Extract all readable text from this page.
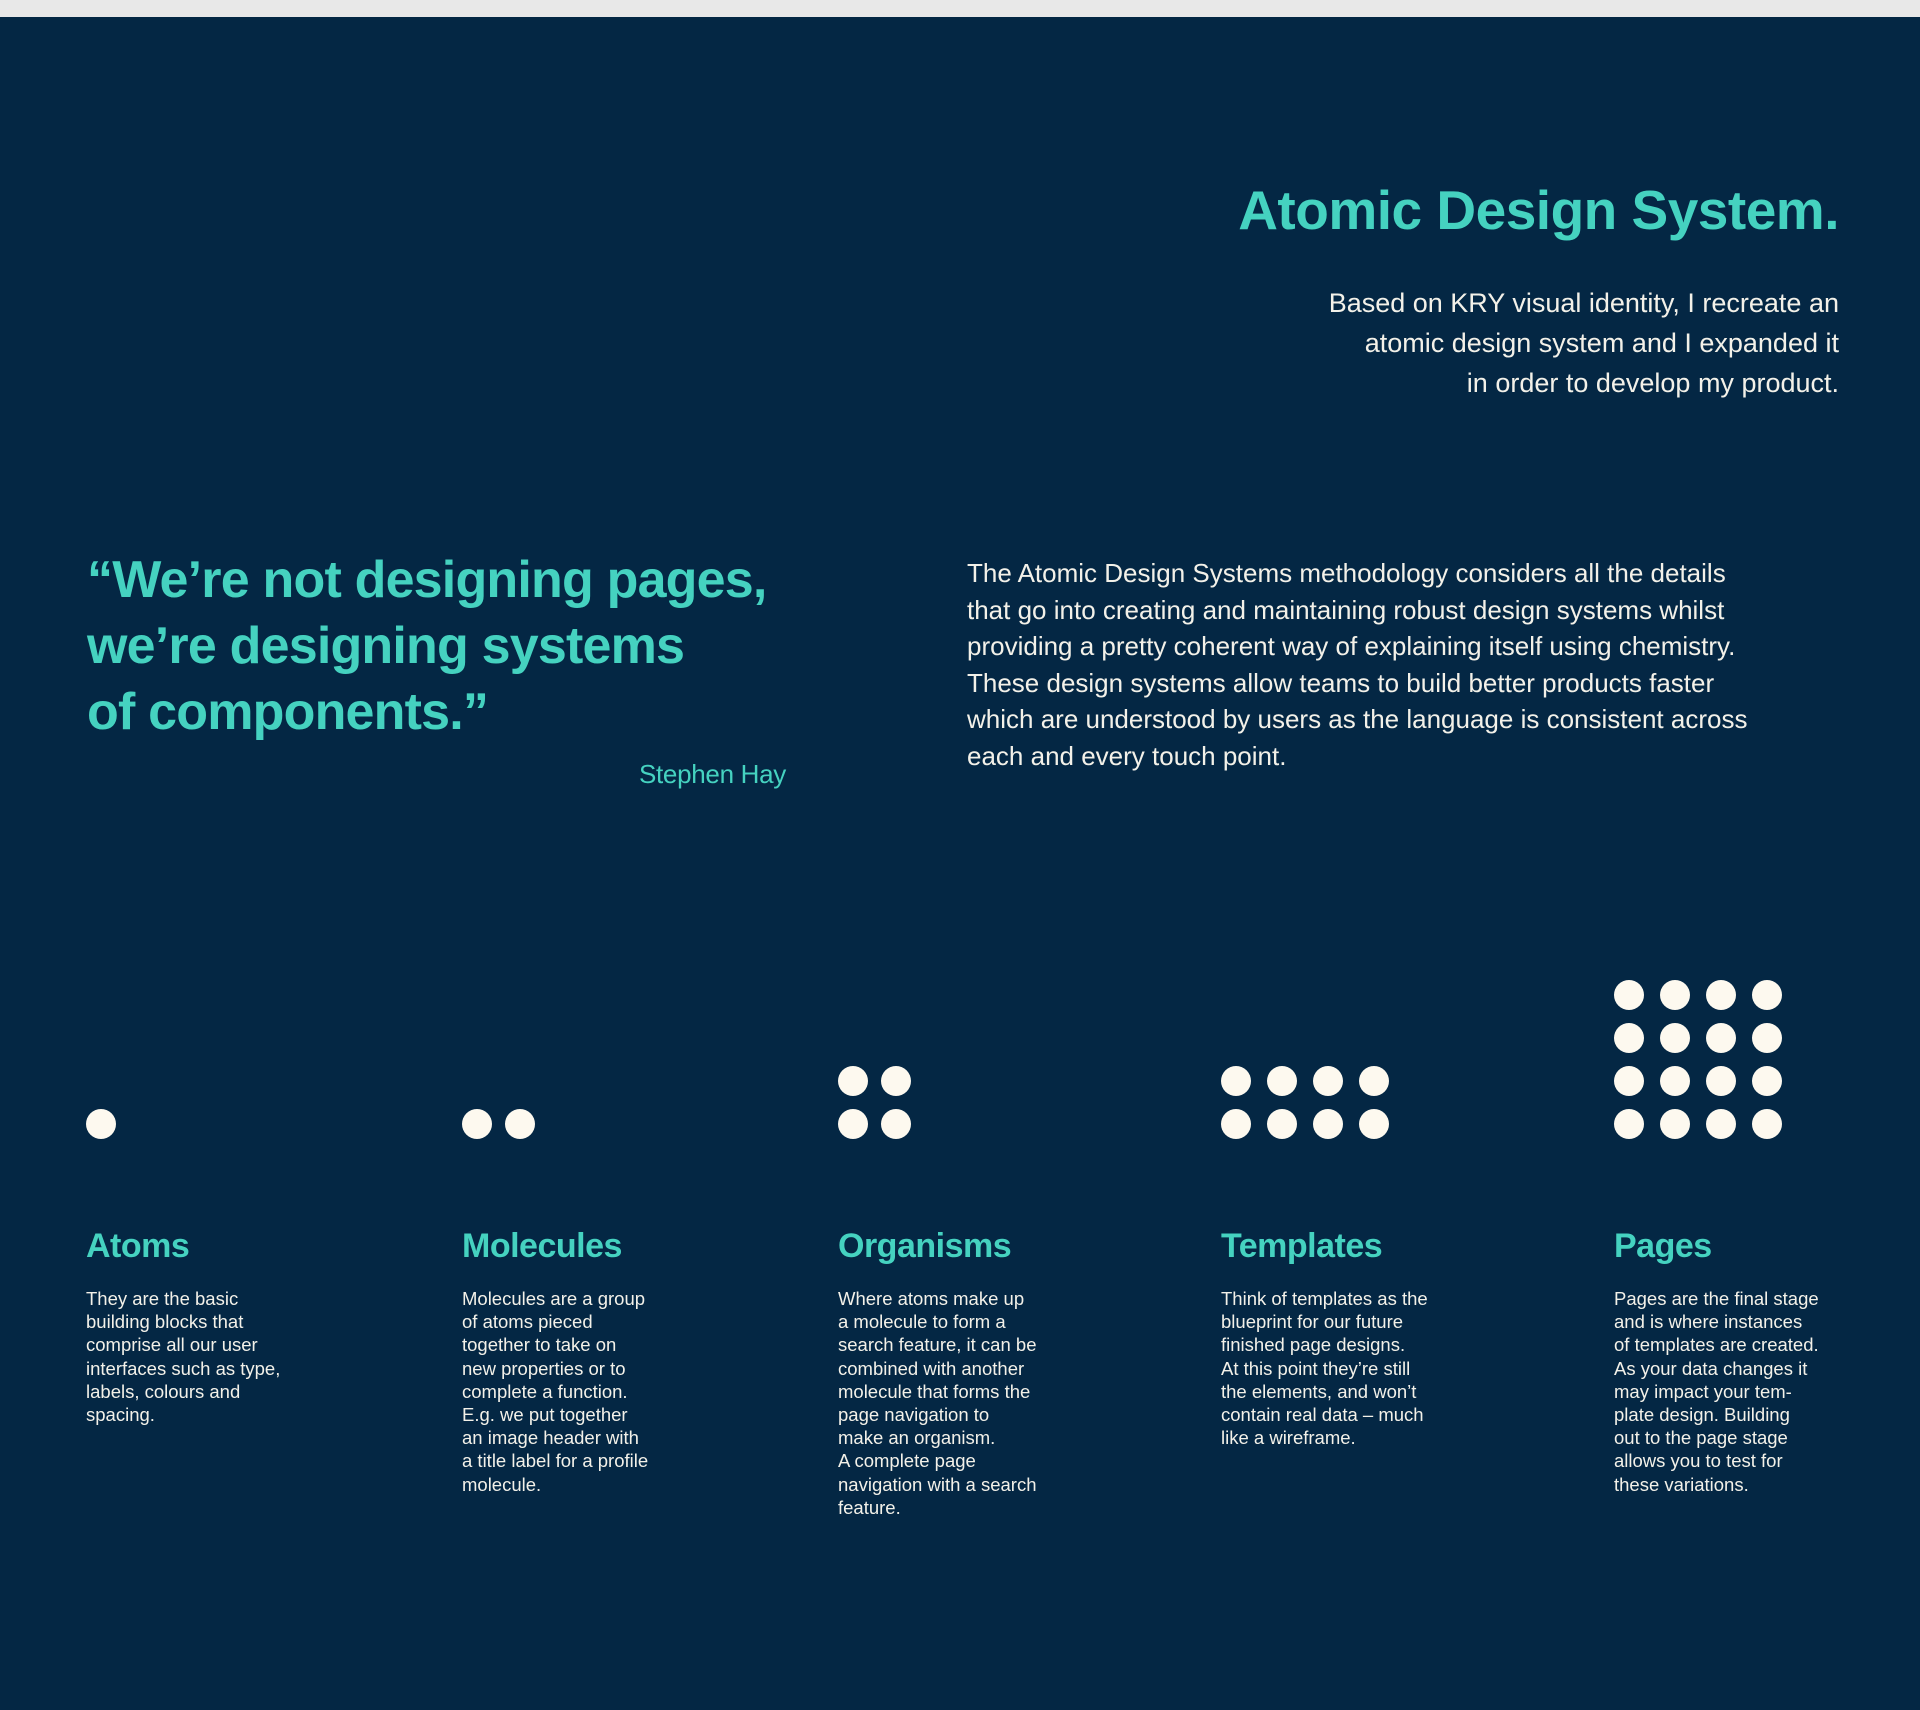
Atomic Design System.

Based on KRY visual identity, I recreate an
atomic design system and I expanded it
in order to develop my product.

“We’re not designing pages,
we’re designing systems
of components.”

Stephen Hay

The Atomic Design Systems methodology considers all the details
that go into creating and maintaining robust design systems whilst
providing a pretty coherent way of explaining itself using chemistry.
These design systems allow teams to build better products faster
which are understood by users as the language is consistent across
each and every touch point.

Atoms

They are the basic
building blocks that
comprise all our user
interfaces such as type,
labels, colours and
spacing.

Molecules

Molecules are a group
of atoms pieced
together to take on
new properties or to
complete a function.
E.g. we put together
an image header with
a title label for a profile
molecule.

Organisms

Where atoms make up
a molecule to form a
search feature, it can be
combined with another
molecule that forms the
page navigation to
make an organism.
A complete page
navigation with a search
feature.

Templates

Think of templates as the
blueprint for our future
finished page designs.
At this point they’re still
the elements, and won’t
contain real data – much
like a wireframe.

Pages

Pages are the final stage
and is where instances
of templates are created.
As your data changes it
may impact your tem-
plate design. Building
out to the page stage
allows you to test for
these variations.
